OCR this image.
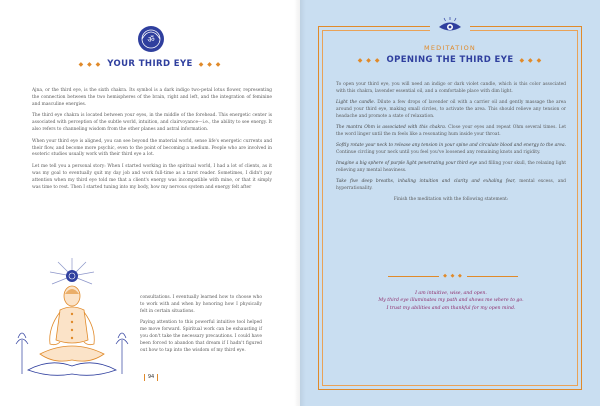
ॐ
◆ ◆ ◆ YOUR THIRD EYE ◆ ◆ ◆

Ajna, or the third eye, is the sixth chakra. Its symbol is a dark indigo two-petal lotus flower, representing the connection between the two hemispheres of the brain, right and left, and the integration of feminine and masculine energies.

The third eye chakra is located between your eyes, in the middle of the forehead. This energetic center is associated with perception of the subtle world, intuition, and clairvoyance—i.e., the ability to see energy. It also refers to channeling wisdom from the other planes and astral information.

When your third eye is aligned, you can see beyond the material world, sense life's energetic currents and their flow, and become more psychic, even to the point of becoming a medium. People who are involved in esoteric studies usually work with their third eye a lot.

Let me tell you a personal story: When I started working in the spiritual world, I had a lot of clients, as it was my goal to eventually quit my day job and work full-time as a tarot reader. Sometimes, I didn't pay attention when my third eye told me that a client's energy was incompatible with mine, or that it simply was time to rest. Then I started tuning into my body, how my nervous system and energy felt after

consultations. I eventually learned how to choose who to work with and when by honoring how I physically felt in certain situations.

Paying attention to this powerful intuitive tool helped me move forward. Spiritual work can be exhausting if you don't take the necessary precautions. I could have been forced to abandon that dream if I hadn't figured out how to tap into the wisdom of my third eye.

94
MEDITATION
◆ ◆ ◆ OPENING THE THIRD EYE ◆ ◆ ◆

To open your third eye, you will need an indigo or dark violet candle, which is this color associated with this chakra, lavender essential oil, and a comfortable place with dim light.

Light the candle. Dilute a few drops of lavender oil with a carrier oil and gently massage the area around your third eye, making small circles, to activate the area. This should relieve any tension or headache and promote a state of relaxation.

The mantra Ohm is associated with this chakra. Close your eyes and repeat Ohm several times. Let the word linger until the m feels like a resonating hum inside your throat.

Softly rotate your neck to release any tension in your spine and circulate blood and energy to the area. Continue circling your neck until you feel you've loosened any remaining knots and rigidity.

Imagine a big sphere of purple light penetrating your third eye and filling your skull, the relaxing light relieving any mental heaviness.

Take five deep breaths, inhaling intuition and clarity and exhaling fear, mental excess, and hyperrationality.

Finish the meditation with the following statement:

◆ ◆ ◆
I am intuitive, wise, and open.
My third eye illuminates my path and shows me where to go.
I trust my abilities and am thankful for my open mind.
